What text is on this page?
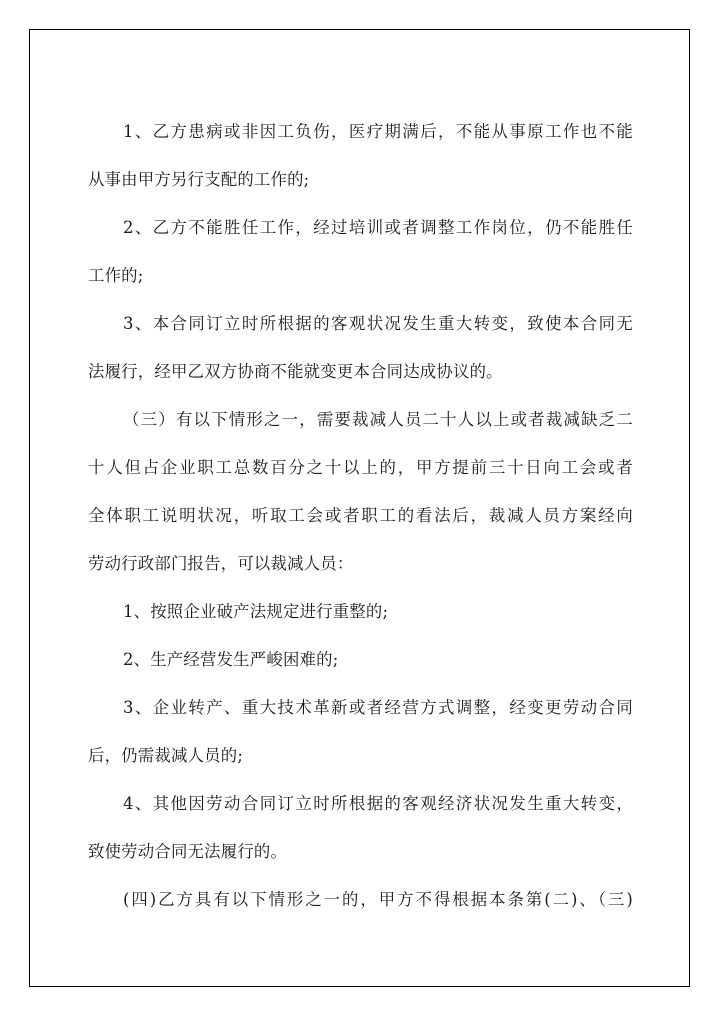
1、乙方患病或非因工负伤，医疗期满后，不能从事原工作也不能
从事由甲方另行支配的工作的;
2、乙方不能胜任工作，经过培训或者调整工作岗位，仍不能胜任
工作的;
3、本合同订立时所根据的客观状况发生重大转变，致使本合同无
法履行，经甲乙双方协商不能就变更本合同达成协议的。
（三）有以下情形之一，需要裁减人员二十人以上或者裁减缺乏二
十人但占企业职工总数百分之十以上的，甲方提前三十日向工会或者
全体职工说明状况，听取工会或者职工的看法后，裁减人员方案经向
劳动行政部门报告，可以裁减人员：
1、按照企业破产法规定进行重整的;
2、生产经营发生严峻困难的;
3、企业转产、重大技术革新或者经营方式调整，经变更劳动合同
后，仍需裁减人员的;
4、其他因劳动合同订立时所根据的客观经济状况发生重大转变，
致使劳动合同无法履行的。
(四)乙方具有以下情形之一的，甲方不得根据本条第(二)、（三)
